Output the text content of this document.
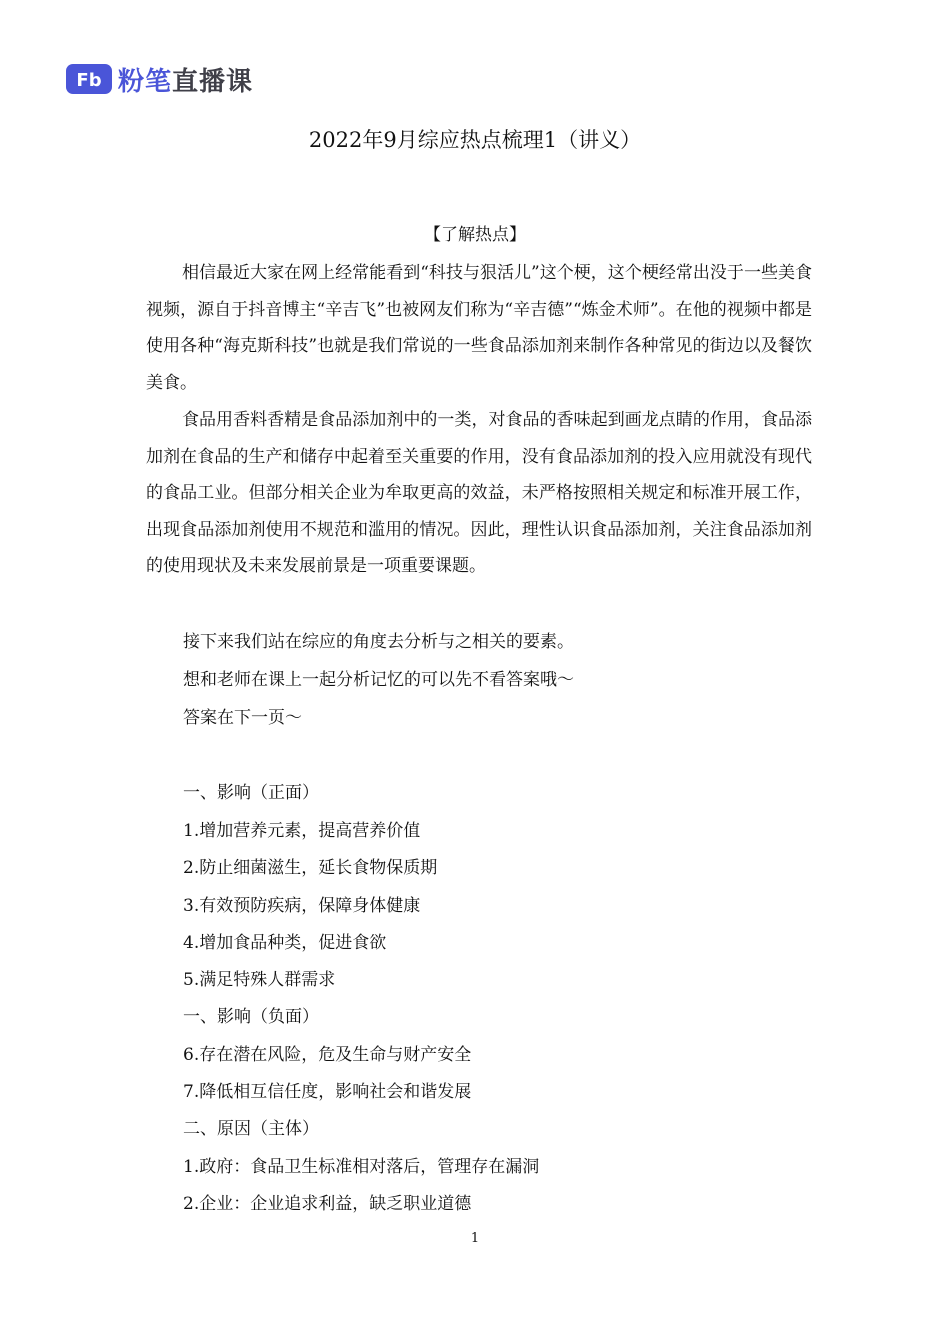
Fb 粉笔直播课
2022年9月综应热点梳理1（讲义）
【了解热点】

相信最近大家在网上经常能看到“科技与狠活儿”这个梗，这个梗经常出没于一些美食视频，源自于抖音博主“辛吉飞”也被网友们称为“辛吉德”“炼金术师”。在他的视频中都是使用各种“海克斯科技”也就是我们常说的一些食品添加剂来制作各种常见的街边以及餐饮美食。

食品用香料香精是食品添加剂中的一类，对食品的香味起到画龙点睛的作用，食品添加剂在食品的生产和储存中起着至关重要的作用，没有食品添加剂的投入应用就没有现代的食品工业。但部分相关企业为牟取更高的效益，未严格按照相关规定和标准开展工作，出现食品添加剂使用不规范和滥用的情况。因此，理性认识食品添加剂，关注食品添加剂的使用现状及未来发展前景是一项重要课题。

接下来我们站在综应的角度去分析与之相关的要素。
想和老师在课上一起分析记忆的可以先不看答案哦～
答案在下一页～
一、影响（正面）
1.增加营养元素，提高营养价值
2.防止细菌滋生，延长食物保质期
3.有效预防疾病，保障身体健康
4.增加食品种类，促进食欲
5.满足特殊人群需求
一、影响（负面）
6.存在潜在风险，危及生命与财产安全
7.降低相互信任度，影响社会和谐发展
二、原因（主体）
1.政府：食品卫生标准相对落后，管理存在漏洞
2.企业：企业追求利益，缺乏职业道德
1
